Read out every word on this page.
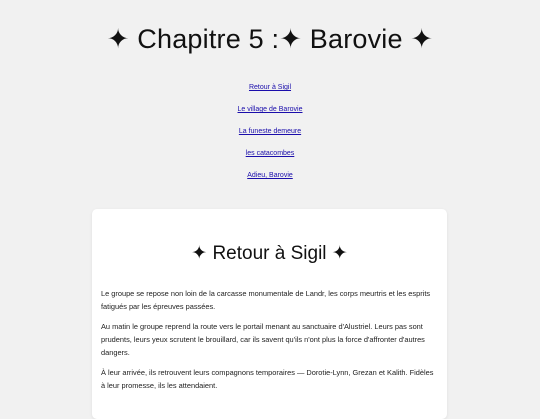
✦ Chapitre 5 :✦ Barovie ✦
Retour à Sigil
Le village de Barovie
La funeste demeure
les catacombes
Adieu, Barovie
✦ Retour à Sigil ✦

Le groupe se repose non loin de la carcasse monumentale de Landr, les corps meurtris et les esprits fatigués par les épreuves passées.

Au matin le groupe reprend la route vers le portail menant au sanctuaire d'Alustriel. Leurs pas sont prudents, leurs yeux scrutent le brouillard, car ils savent qu'ils n'ont plus la force d'affronter d'autres dangers.

À leur arrivée, ils retrouvent leurs compagnons temporaires — Dorotie-Lynn, Grezan et Kalith. Fidèles à leur promesse, ils les attendaient.
